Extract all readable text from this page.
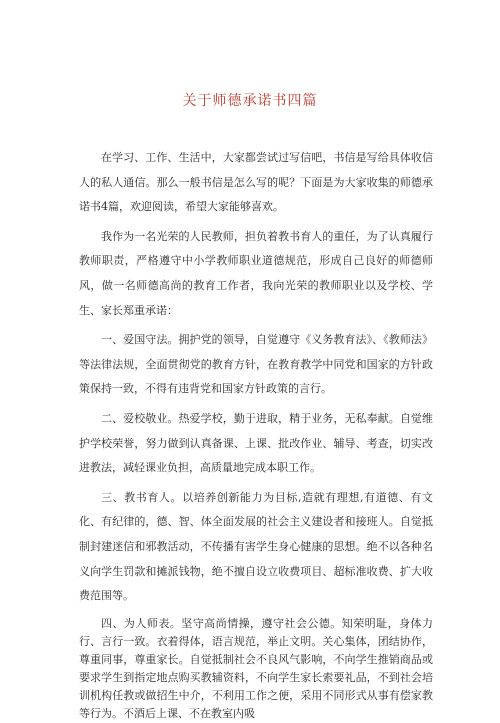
关于师德承诺书四篇

在学习、工作、生活中，大家都尝试过写信吧，书信是写给具体收信人的私人通信。那么一般书信是怎么写的呢？下面是为大家收集的师德承诺书4篇，欢迎阅读，希望大家能够喜欢。

我作为一名光荣的人民教师，担负着教书育人的重任，为了认真履行教师职责，严格遵守中小学教师职业道德规范，形成自己良好的师德师风，做一名师德高尚的教育工作者，我向光荣的教师职业以及学校、学生、家长郑重承诺：

一、爱国守法。拥护党的领导，自觉遵守《义务教育法》、《教师法》等法律法规，全面贯彻党的教育方针，在教育教学中同党和国家的方针政策保持一致，不得有违背党和国家方针政策的言行。

二、爱校敬业。热爱学校，勤于进取，精于业务，无私奉献。自觉维护学校荣誉，努力做到认真备课、上课、批改作业、辅导、考查，切实改进教法，减轻课业负担，高质量地完成本职工作。

三、教书育人。以培养创新能力为目标,造就有理想,有道德、有文化、有纪律的，德、智、体全面发展的社会主义建设者和接班人。自觉抵制封建迷信和邪教活动，不传播有害学生身心健康的思想。绝不以各种名义向学生罚款和摊派钱物，绝不擅自设立收费项目、超标准收费、扩大收费范围等。

四、为人师表。坚守高尚情操，遵守社会公德。知荣明耻，身体力行、言行一致。衣着得体，语言规范，举止文明。关心集体，团结协作，尊重同事，尊重家长。自觉抵制社会不良风气影响，不向学生推销商品或要求学生到指定地点购买教辅资料，不向学生家长索要礼品，不到社会培训机构任教或做招生中介，不利用工作之便，采用不同形式从事有偿家教等行为。不酒后上课、不在教室内吸
